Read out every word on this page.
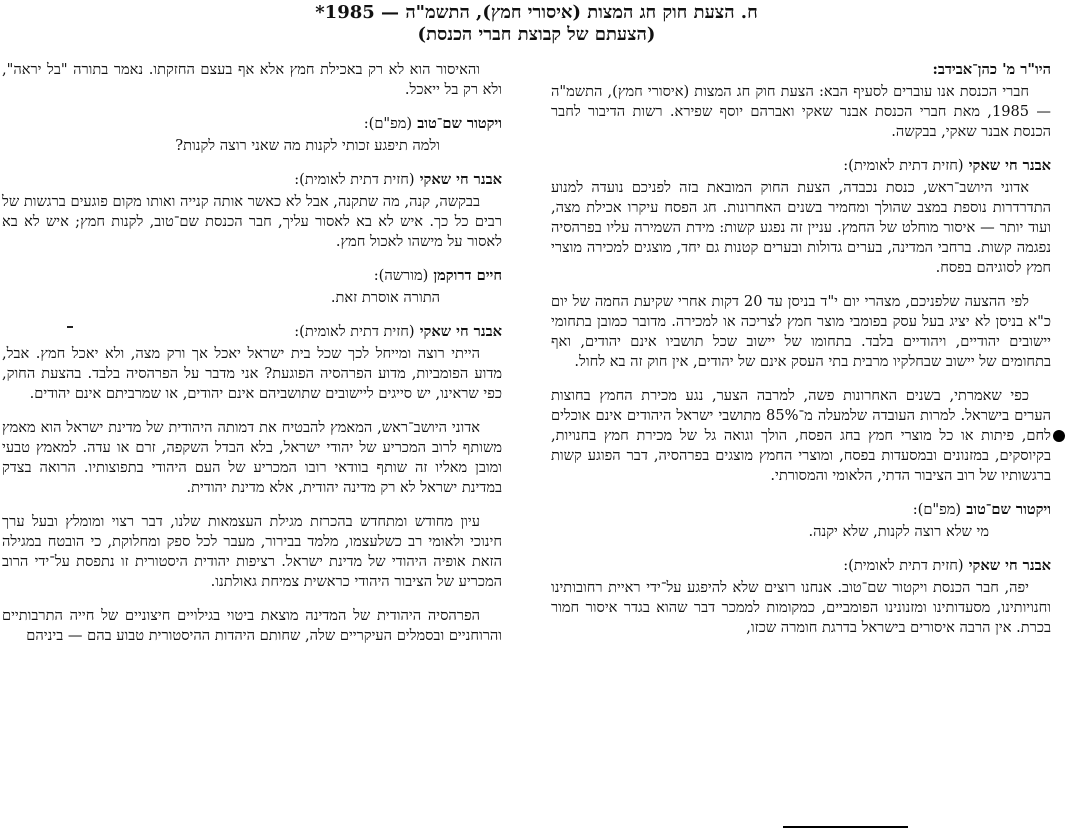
ח. הצעת חוק חג המצות (איסורי חמץ), התשמ"ה — 1985*
(הצעתם של קבוצת חברי הכנסת)
היו"ר מ' כהן־אבידב:

חברי הכנסת אנו עוברים לסעיף הבא: הצעת חוק חג המצות (איסורי חמץ), התשמ"ה — 1985, מאת חברי הכנסת אבנר שאקי ואברהם יוסף שפירא. רשות הדיבור לחבר הכנסת אבנר שאקי, בבקשה.

אבנר חי שאקי (חזית דתית לאומית):

אדוני היושב־ראש, כנסת נכבדה, הצעת החוק המובאת בזה לפניכם נועדה למנוע התדרדרות נוספת במצב שהולך ומחמיר בשנים האחרונות. חג הפסח עיקרו אכילת מצה, ועוד יותר — איסור מוחלט של החמץ. עניין זה נפגע קשות: מידת השמירה עליו בפרהסיה נפגמה קשות. ברחבי המדינה, בערים גדולות ובערים קטנות גם יחד, מוצגים למכירה מוצרי חמץ לסוגיהם בפסח.

לפי ההצעה שלפניכם, מצהרי יום י"ד בניסן עד 20 דקות אחרי שקיעת החמה של יום כ"א בניסן לא יציג בעל עסק בפומבי מוצר חמץ לצריכה או למכירה. מדובר כמובן בתחומי יישובים יהודיים, ויהודיים בלבד. בתחומו של יישוב שכל תושביו אינם יהודים, ואף בתחומים של יישוב שבחלקיו מרבית בתי העסק אינם של יהודים, אין חוק זה בא לחול.

כפי שאמרתי, בשנים האחרונות פשה, למרבה הצער, נגע מכירת החמץ בחוצות הערים בישראל. למרות העובדה שלמעלה מ־85% מתושבי ישראל היהודים אינם אוכלים לחם, פיתות או כל מוצרי חמץ בחג הפסח, הולך וגואה גל של מכירת חמץ בחנויות, בקיוסקים, במזנונים ובמסעדות בפסח, ומוצרי החמץ מוצגים בפרהסיה, דבר הפוגע קשות ברגשותיו של רוב הציבור הדתי, הלאומי והמסורתי.

ויקטור שם־טוב (מפ"ם):

מי שלא רוצה לקנות, שלא יקנה.

אבנר חי שאקי (חזית דתית לאומית):

יפה, חבר הכנסת ויקטור שם־טוב. אנחנו רוצים שלא להיפגע על־ידי ראיית רחובותינו וחנויותינו, מסעדותינו ומזנונינו הפומביים, כמקומות לממכר דבר שהוא בגדר איסור חמור בכרת. אין הרבה איסורים בישראל בדרגת חומרה שכזו,

והאיסור הוא לא רק באכילת חמץ אלא אף בעצם החזקתו. נאמר בתורה "בל יראה", ולא רק בל ייאכל.

ויקטור שם־טוב (מפ"ם):

ולמה תיפגע זכותי לקנות מה שאני רוצה לקנות?

אבנר חי שאקי (חזית דתית לאומית):

בבקשה, קנה, מה שתקנה, אבל לא כאשר אותה קנייה ואותו מקום פוגעים ברגשות של רבים כל כך. איש לא בא לאסור עליך, חבר הכנסת שם־טוב, לקנות חמץ; איש לא בא לאסור על מישהו לאכול חמץ.

חיים דרוקמן (מורשה):

התורה אוסרת זאת.

אבנר חי שאקי (חזית דתית לאומית):

הייתי רוצה ומייחל לכך שכל בית ישראל יאכל אך ורק מצה, ולא יאכל חמץ. אבל, מדוע הפומביות, מדוע הפרהסיה הפוגעת? אני מדבר על הפרהסיה בלבד. בהצעת החוק, כפי שראינו, יש סייגים ליישובים שתושביהם אינם יהודים, או שמרביתם אינם יהודים.

אדוני היושב־ראש, המאמץ להבטיח את דמותה היהודית של מדינת ישראל הוא מאמץ משותף לרוב המכריע של יהודי ישראל, בלא הבדל השקפה, זרם או עדה. למאמץ טבעי ומובן מאליו זה שותף בוודאי רובו המכריע של העם היהודי בתפוצותיו. הרואה בצדק במדינת ישראל לא רק מדינה יהודית, אלא מדינת יהודית.

עיון מחודש ומתחדש בהכרזת מגילת העצמאות שלנו, דבר רצוי ומומלץ ובעל ערך חינוכי ולאומי רב כשלעצמו, מלמד בבירור, מעבר לכל ספק ומחלוקת, כי הובטח במגילה הזאת אופיה היהודי של מדינת ישראל. רציפות יהודית היסטורית זו נתפסת על־ידי הרוב המכריע של הציבור היהודי כראשית צמיחת גאולתנו.

הפרהסיה היהודית של המדינה מוצאת ביטוי בגילויים חיצוניים של חייה התרבותיים והרוחניים ובסמלים העיקריים שלה, שחותם היהדות ההיסטורית טבוע בהם — ביניהם
